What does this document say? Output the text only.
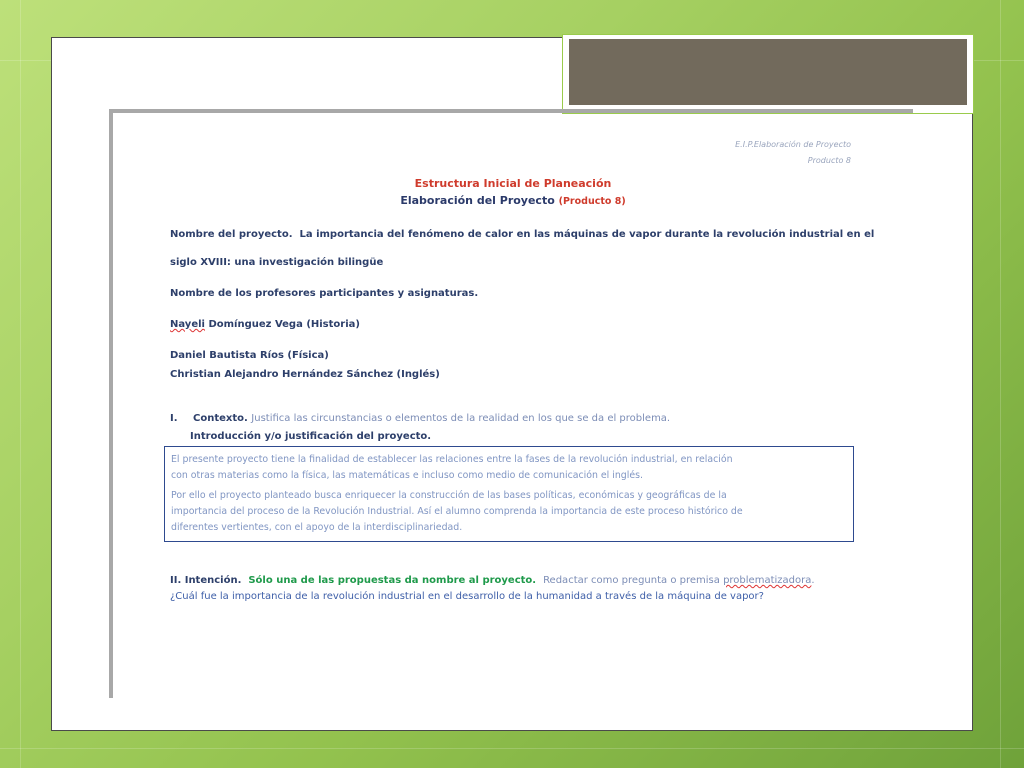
E.I.P.Elaboración de Proyecto
Producto 8
Estructura Inicial de Planeación
Elaboración del Proyecto (Producto 8)
Nombre del proyecto. La importancia del fenómeno de calor en las máquinas de vapor durante la revolución industrial en el
siglo XVIII: una investigación bilingüe
Nombre de los profesores participantes y asignaturas.
Nayeli Domínguez Vega (Historia)
Daniel Bautista Ríos (Física)
Christian Alejandro Hernández Sánchez (Inglés)
I. Contexto. Justifica las circunstancias o elementos de la realidad en los que se da el problema.
Introducción y/o justificación del proyecto.
El presente proyecto tiene la finalidad de establecer las relaciones entre la fases de la revolución industrial, en relación
con otras materias como la física, las matemáticas e incluso como medio de comunicación el inglés.
Por ello el proyecto planteado busca enriquecer la construcción de las bases políticas, económicas y geográficas de la
importancia del proceso de la Revolución Industrial. Así el alumno comprenda la importancia de este proceso histórico de
diferentes vertientes, con el apoyo de la interdisciplinariedad.
II. Intención. Sólo una de las propuestas da nombre al proyecto. Redactar como pregunta o premisa problematizadora.
¿Cuál fue la importancia de la revolución industrial en el desarrollo de la humanidad a través de la máquina de vapor?
